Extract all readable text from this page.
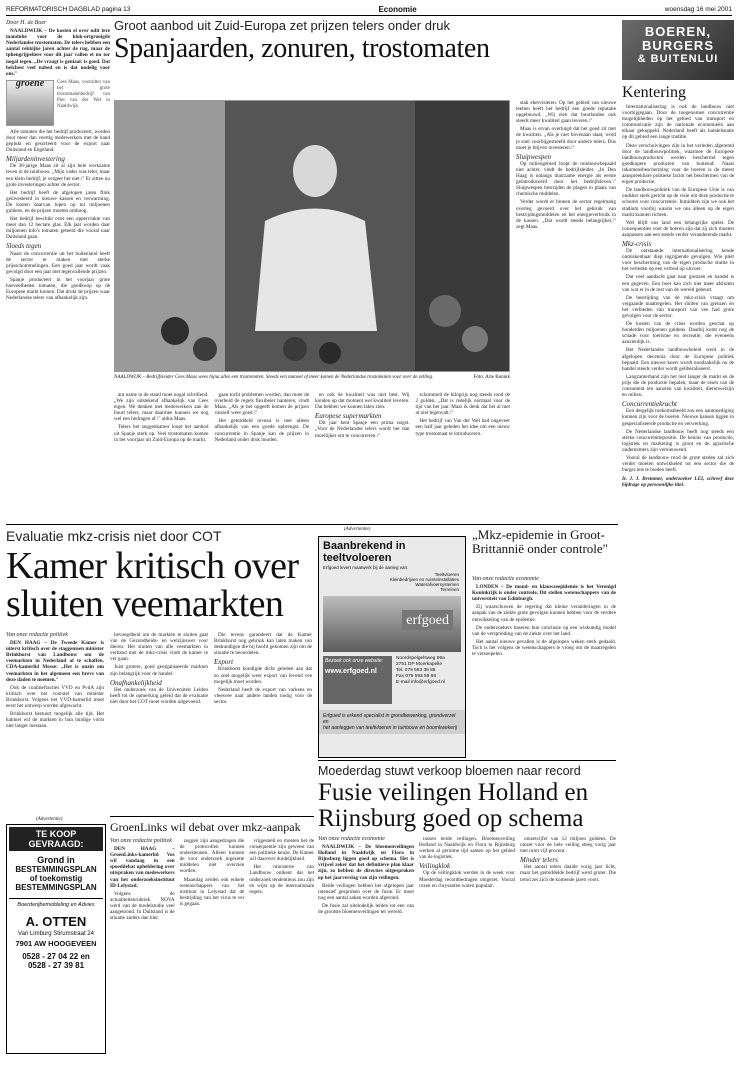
REFORMATORISCH DAGBLAD pagina 13	Economie	woensdag 16 mei 2001
Door H. de Boer

NAALDWIJK – De kosten el over ndit tere mandnhe voor de klok-ortgrooigde Nederlandse trostomaten. De telers hebben een aantal rekkijke jaren achter de rug, maar de tphengrijpeliere voor dit jaar vallen et nu tor nogal tegen. „De vraagt is geniaal: is goed. Dat helchest veel nabed en is dat nodelig voor ons."

groene	Cees Maas, voorzitter van het grote trostomatenbedrijf van Piet van der Wel in Naaldwijk.

Alle tomaten die het bedrijf produceert, worden door meer dan veertig medewerkers met de hand geplukt en gesorteerd voor de export naar Duitsland en Engeland.

Miljardeninvestering

De 36-jarige Maas zit al zijn hele werkzame leven in de tuinbouw. „Mijn vader was teler, maar een klein bedrijf, je vergeet het niet.\" Er zitten nu grote investeringen achter de sector.

Het bedrijf heeft de afgelopen jaren flink geïnvesteerd in nieuwe kassen en verwarming. De kosten daarvan lopen op tot miljoenen guldens, en de prijzen moeten omhoog.

Het bedrijf beschikt over een oppervlakte van meer dan 12 hectare glas. Elk jaar worden daar miljoenen kilo's tomaten geteeld die vooral naar Duitsland gaan.

Sloeds tegen

Naast de concurrentie uit het buitenland heeft de sector te maken met sterke prijsschommelingen. Een goed jaar wordt vaak gevolgd door een jaar met tegenvallende prijzen.

Spanje produceert in het voorjaar grote hoeveelheden tomaten, die goedkoop op de Europese markt komen. Dat drukt de prijzen waar Nederlandse telers van afhankelijk zijn.

Groot aanbod uit Zuid-Europa zet prijzen telers onder druk
Spanjaarden, zonuren, trostomaten
NAALDWIJK – Bedrijfsleider Cees Maas wees bijna alles een trostomaten. Steeds een manoel of meer komen de Nederlandse trostomaten voor over de zelling.	Foto: Arie Bunnik

ant name in de stand moet nogal schrillend. „We zijn uitstekend afhankelijk van Cees eigen. We denken met medewerkers aan de buurt telers, maar daarmee kunnen we nog wel een bedragen af.\" aldus Maas.

Telers het zeggenkamer loopt het aanbod uit Spanje sterk op. Veel trostomaten komen in het voorjaar uit Zuid-Europa op de markt.

gaan tocht problemen worden, dan moet de overheid de regels flexibeler hanteren, vindt Maas. „Als je het opgeeft komen de prijzen vanzelf weer goed.\"

Het gemiddeld niveau is met alleen afhankelijk van een goede opbrengst. De concurrentie in Spanje kan de prijzen in Nederland onder druk houden.

en ook de kwaliteit was niet best. Wij konden op dat moment wel kwaliteit leveren. Dat hebben we kunnen laten zien.

Europese supermarkten

Dit jaar kent Spanje een prima oogst. „Voor de Nederlandse telers wordt het dan moeilijker om te concurreren.\"

schommelt de kilogrijs nog steeds rond de 2 gulden. „Dat is redelijk normaal voor de tijd van het jaar. Maar ik denk dat het al met al niet tegenvalt.\"

Het bedrijf van Van der Wel had ongeveer een half jaar geleden het idee om een nieuw type trostomaat te introduceren.

stak ehervisieren. Op het gebied van nieuwe teelten heeft het bedrijf een goede reputatie opgebouwd. „Wij zien dat buurlanden ook steeds meer kwaliteit gaan leveren.\"

Maas is ervan overtuigd dat het goed zit met de kwaliteit. „Als je niet bovenaan staat, word je snel voorbijgestreefd door andere telers. Dus moet je blijven investeren.\"

Sluipwespen

Op milieugebied loopt de tuinbouwbepaald niet achter, vindt de bedrijfsleider. „In Den Haag is onlangs duurzame energie als eerste geïntroduceerd door het bedrijfsleven.\" Sluipwespen bestrijden de plagen in plaats van chemische middelen.

Verder wordt er binnen de sector regelmatig overleg gevoerd over het gebruik van bestrijdingsmiddelen en het energieverbruik in de kassen. „Dat wordt steeds belangrijker,\" zegt Maas.

BOEREN,
BURGERS
& BUITENLUI
Kentering

Internationalisering is ook de landbouw niet voorbijgegaan. Door de toegenomen concurrentie mogelijkheden op het gebied van transport en communicatie zijn de nationale economieën aan elkaar gekoppeld. Nederland heeft als handelsnatie op dit gebied een lange traditie.

Deze verschuivingen zijn in het verleden afgeremd door de landbouwpolitiek, waarmee de Europese landbouwproducten werden beschermd tegen goedkopere producten van buitenaf. Naast inkomensbescherming voor de boeren is de meest aanspreekbare politieke factor het beschermen van de eigen productie.

De landbouwpolitiek van de Europese Unie is van oudsher sterk gericht op de visie om deze productie te schoren voor concurrentie. Inmiddels zijn we ook het stadium voorbij waarin we ons alleen op de eigen markt kunnen richten.

Wel blijft ons land een belangrijke speler. De consequenties voor de boeren zijn dat zij zich moeten aanpassen aan een steeds verder veranderende markt.

Mkz-crisis

De ontstaande internationalisering kende onmiskenbaar diep ingrijpende gevolgen. Wie pleit voor bescherming van de eigen productie stuitte in het verleden op een verbod op uitvoer.

Dat veel aandacht gaat naar grenzen en handel is een gegeven. Een boer kan zich niet meer afsluiten van wat er in de rest van de wereld gebeurt.

De bestrijding van de mkz-crisis vraagt om vergaande maatregelen. Het sluiten van grenzen en het verbieden van transport van vee had grote gevolgen voor de sector.

De kosten van de crisis worden geschat op honderden miljoenen guldens. Daarbij komt nog de schade voor toerisme en recreatie, die eveneens aanzienlijk is.

Het Nederlandse landbouwbeleid werd in de afgelopen decennia door de Europese politiek bepaald. Een nieuwe koers wordt noodzakelijk nu de handel steeds verder wordt geliberaliseerd.

Langzamerhand zijn het niet langer de markt en de prijs die de productie bepalen, maar de eisen van de consument ten aanzien van kwaliteit, dierenwelzijn en milieu.

Concurrentiekracht

Een dergelijk toekomstbeeld zou een aanmoediging kunnen zijn voor de boeren. Nieuwe kansen liggen in gespecialiseerde productie en verwerking.

De Nederlandse landbouw heeft nog steeds een sterke concurrentiepositie. De kennis van productie, logistiek en marketing is groot en de agrarische ondernemers zijn vernieuwend.

Vooral de landbouw rond de grote steden zal zich verder moeten ontwikkelen tot een sector die de burger iets te bieden heeft.

Ir. J. J. Bremmer, onderzoeker LEI, schreef deze bijdrage op persoonlijke titel.

Evaluatie mkz-crisis niet door COT
Kamer kritisch over
sluiten veemarkten
Van onze redactie politiek

DEN HAAG – De Tweede Kamer is uiterst kritisch over de staggenisen minister Brinkhorst van Landbouw om de veemarkten in Nederland af te schaffen. CDA-kamerlid Mosse: „Het is onzin om veemarkten in het algemeen een brevs van deze daden te noemen."

Ook de coalitiefracties VVD en PvdA zijn kritisch over het voorstel van minister Brinkhorst. Volgens het VVD-kamerlid moet eerst het ontwerp worden afgewacht.

Brinkhorst bestuurt mogelijk alle tijd. Het kabinet wil de markten in hun huidige vorm niet langer toestaan.

bevoegdheid om de markten te sluiten gaat van de Gezondheids- en welzijnswet voor dieren. Het sluiten van alle veemarkten in verband met de mkz-crisis vindt de kamer te ver gaan.

Juist grotere, goed georganiseerde markten zijn belangrijk voor de handel.

Onafhankelijkheid

Het onderzoek van de Universiteit Leiden heeft tot de opmerking geleid dat de evaluatie niet door het COT moet worden uitgevoerd.

Die tevens garandeert dat de Kamer Brinkhorst nog gebruik kan laten maken van deskundigen die bij hoofd gekomen zijn om de situatie te beoordelen.

Export

Brinkhorst kondigde dicht geleden aan dat zo snel mogelijk weer export van levend vee mogelijk moet worden.

Nederland heeft de export van varkens en vleesvee naar andere landen nodig voor de sector.

GroenLinks wil debat over mkz-aanpak
Van onze redactie politiek

DEN HAAG – GroenLinks-kamerlid Vos wil vandaag in een spoeddebat opheldering over uitspraken van medewerkers van het onderzoeksinstituut ID-Lelystad.

Volgens de actualiteitenrubriek NOVA werd van de modelstudie veel aangetoond. In Duitsland is de situatie anders dan hier.

zeggen zijn aangedragen die de protocollen kunnen ondersteunen. Alleen kunnen de voor onderzoek ingezette middelen niet overzien worden.

Maandag zeiden ook enkele wetenschappers van het instituut in Lelystad dat de bestrijding van het virus te ver is gegaan.

vrijgesteld en moeten het de consequentie zijn geweest van een politieke keuze. De Kamer wil daarover duidelijkheid.

Het ministerie van Landbouw ontkent dat het onderzoek tendentieus zou zijn en wijst op de internationale regels.

(Advertentie)
TE KOOP GEVRAAGD:
Grond in
BESTEMMINGSPLAN
of toekomstig
BESTEMMINGSPLAN
Boerderijbemiddeling en Advies
A. OTTEN
Van Limburg Stirumstraat 24
7901 AW HOOGEVEEN
0528 - 27 04 22 en
0528 - 27 39 81
(Advertentie)
Baanbrekend in teeltvoloeren
Erfgoed levert maatwerk bij de aanleg van:
Teeltvloeren
Kleinbedrijven en ruimteinstallaties
Waterafvoersystemen
Terreinen
erfgoed
Bezoek ook onze website:
www.erfgoed.nl
Noordspelgelsweg 99a
2751 DP Moerkapelle
Tel. 079 593 38 88
Fax 079 593 59 68
E-mail info@erfgoed.nl
Erfgoed is erkend specialist in grondbewerking, grondverzet en
het aanleggen van teeltvloeren in tuinbouw en boomkwekerij
„Mkz-epidemie in Groot-Brittannië onder controle"
Van onze redactie economie

LONDEN – De mond- en klauwzeepidemie is het Verenigd Koninkrijk is onder controle. Dit stellen wetenschappers van de universiteit van Edinburgh.

Zij waarschuwen de regering dat kleine veranderingen in de aanpak van de ziekte grote gevolgen kunnen hebben voor de verdere ontwikkeling van de epidemie.

De onderzoekers baseren hun conclusie op een wiskundig model van de verspreiding van de ziekte over het land.

Het aantal nieuwe gevallen is de afgelopen weken sterk gedaald. Toch is het volgens de wetenschappers te vroeg om de maatregelen te versoepelen.

Moederdag stuwt verkoop bloemen naar record
Fusie veilingen Holland en
Rijnsburg goed op schema
Van onze redactie economie

NAALDWIJK – De bloemenveilingen Holland in Naaldwijk en Flora in Rijnsburg liggen goed op schema. Het is vrijwel zeker dat het definitieve plan klaar zijn, zo hebben de directies uitgesproken op het jaarverslag van zijn veilingen.

Beide veilingen hebben het afgelopen jaar intensief gesproken over de fusie. Er moet nog een aantal zaken worden afgerond.

De fusie zal uiteindelijk leiden tot een van de grootste bloemenveilingen ter wereld.

tussen beide veilingen. Bloemenveiling Holland in Naaldwijk en Flora in Rijnsburg werken al geruime tijd samen op het gebied van de logistiek.

Veilingklok

Op de veilingklok werden in de week voor Moederdag recordbedragen omgezet. Vooral rozen en chrysanten waren populair.

omzetcijfer van 12 miljoen guldens. De omzet voor de hele veiling steeg vorig jaar met ruim vijf procent.

Minder telers

Het aantal telers daalde vorig jaar licht, maar het gemiddelde bedrijf werd groter. Die trend zet zich de komende jaren voort.
